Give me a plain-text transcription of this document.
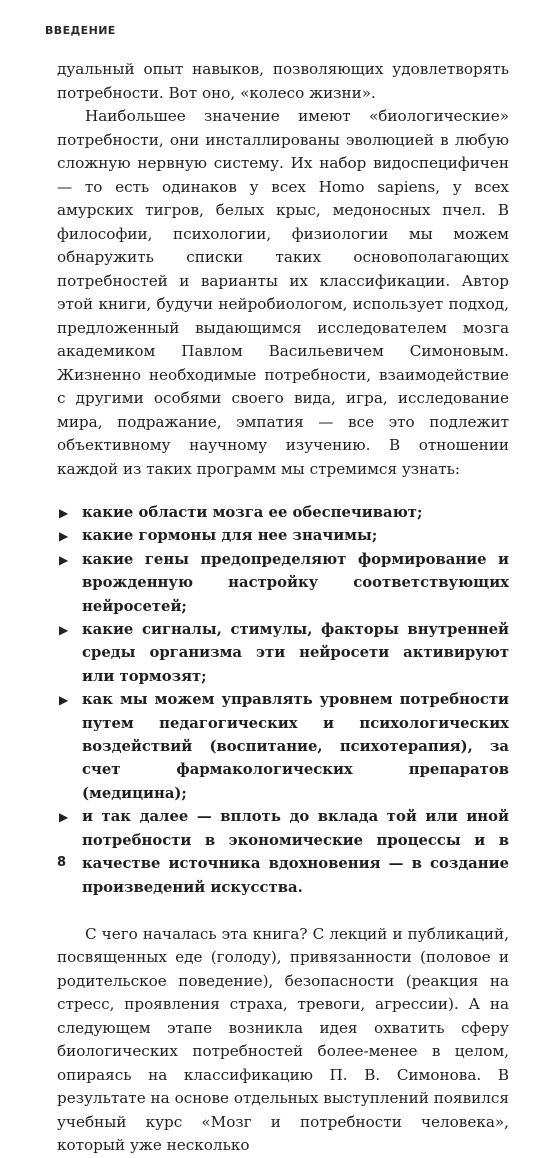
ВВЕДЕНИЕ

дуальный опыт навыков, позволяющих удовлетворять потребности. Вот оно, «колесо жизни».

Наибольшее значение имеют «биологические» потребности, они инсталлированы эволюцией в любую сложную нервную систему. Их набор видоспецифичен — то есть одинаков у всех Homo sapiens, у всех амурских тигров, белых крыс, медоносных пчел. В философии, психологии, физиологии мы можем обнаружить списки таких основополагающих потребностей и варианты их классификации. Автор этой книги, будучи нейробиологом, использует подход, предложенный выдающимся исследователем мозга академиком Павлом Васильевичем Симоновым. Жизненно необходимые потребности, взаимодействие с другими особями своего вида, игра, исследование мира, подражание, эмпатия — все это подлежит объективному научному изучению. В отношении каждой из таких программ мы стремимся узнать:

▶ какие области мозга ее обеспечивают;
▶ какие гормоны для нее значимы;
▶ какие гены предопределяют формирование и врожденную настройку соответствующих нейросетей;
▶ какие сигналы, стимулы, факторы внутренней среды организма эти нейросети активируют или тормозят;
▶ как мы можем управлять уровнем потребности путем педагогических и психологических воздействий (воспитание, психотерапия), за счет фармакологических препаратов (медицина);
▶ и так далее — вплоть до вклада той или иной потребности в экономические процессы и в качестве источника вдохновения — в создание произведений искусства.

С чего началась эта книга? С лекций и публикаций, посвященных еде (голоду), привязанности (половое и родительское поведение), безопасности (реакция на стресс, проявления страха, тревоги, агрессии). А на следующем этапе возникла идея охватить сферу биологических потребностей более-менее в целом, опираясь на классификацию П. В. Симонова. В результате на основе отдельных выступлений появился учебный курс «Мозг и потребности человека», который уже несколько

8
